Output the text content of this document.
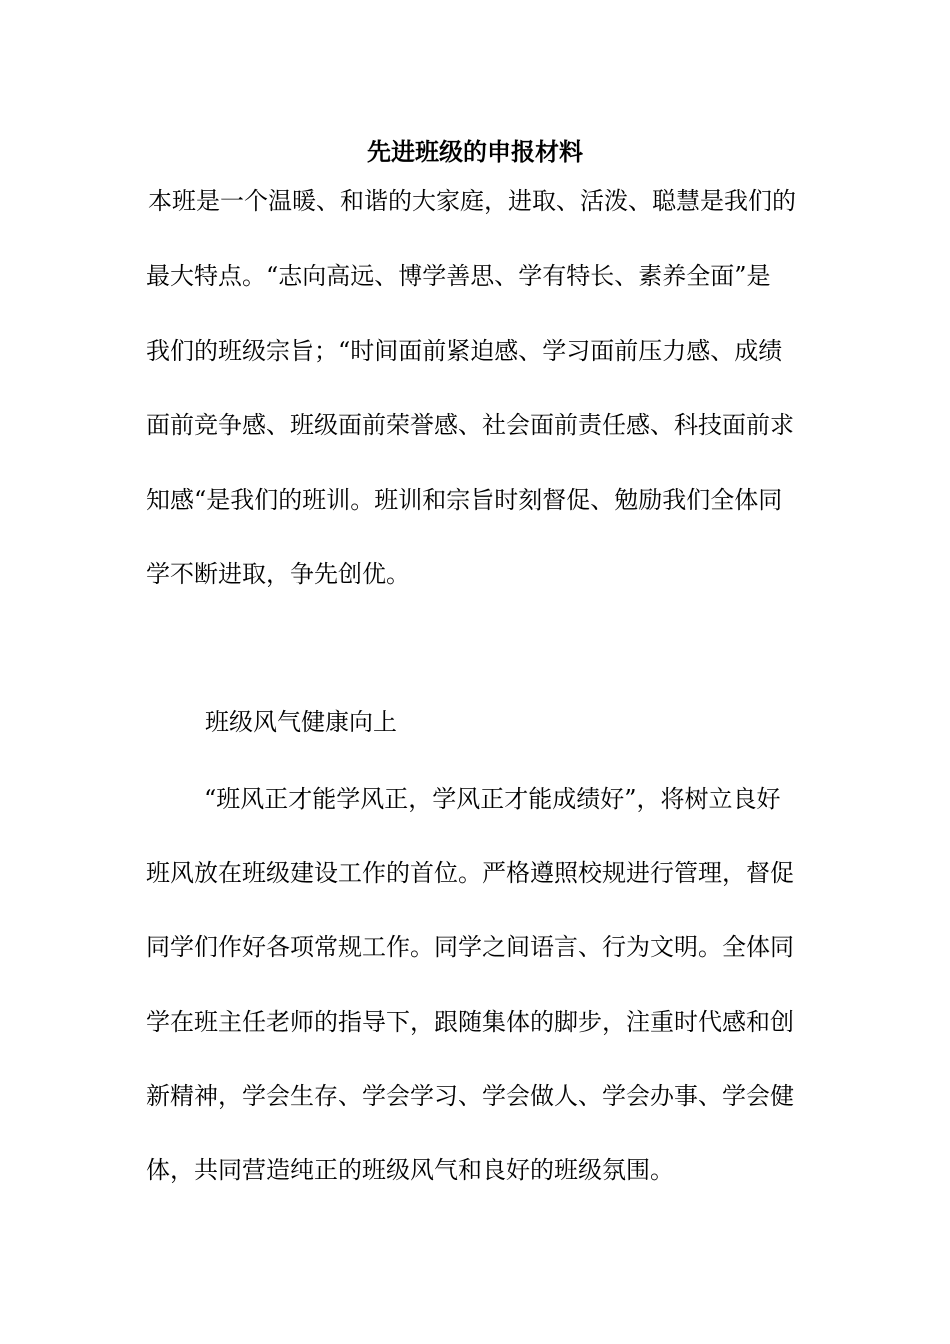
先进班级的申报材料
本班是一个温暖、和谐的大家庭，进取、活泼、聪慧是我们的
最大特点。“志向高远、博学善思、学有特长、素养全面”是
我们的班级宗旨；“时间面前紧迫感、学习面前压力感、成绩
面前竞争感、班级面前荣誉感、社会面前责任感、科技面前求
知感“是我们的班训。班训和宗旨时刻督促、勉励我们全体同
学不断进取，争先创优。
班级风气健康向上
“班风正才能学风正，学风正才能成绩好”，将树立良好
班风放在班级建设工作的首位。严格遵照校规进行管理，督促
同学们作好各项常规工作。同学之间语言、行为文明。全体同
学在班主任老师的指导下，跟随集体的脚步，注重时代感和创
新精神，学会生存、学会学习、学会做人、学会办事、学会健
体，共同营造纯正的班级风气和良好的班级氛围。
